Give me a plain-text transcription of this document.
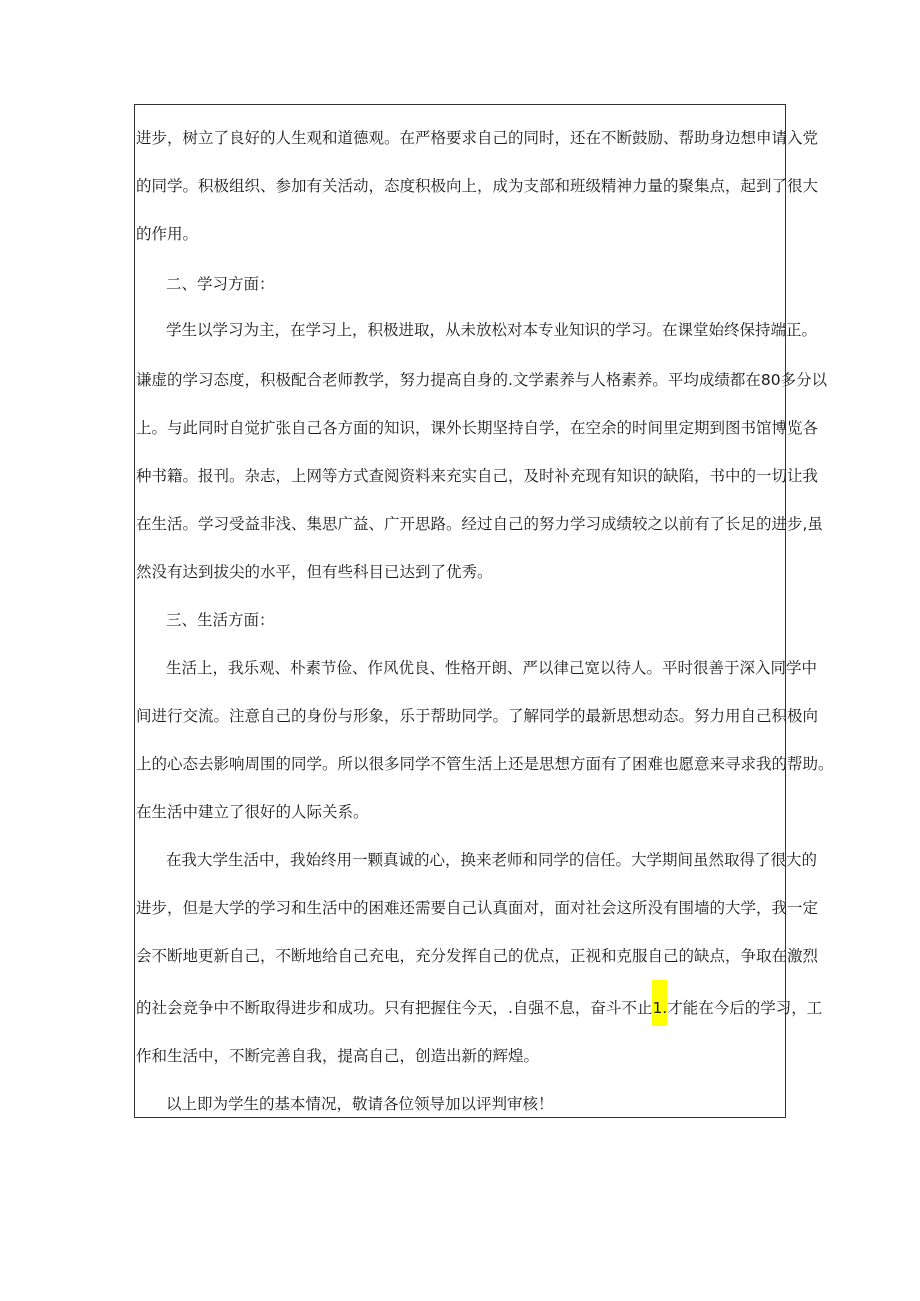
进步，树立了良好的人生观和道德观。在严格要求自己的同时，还在不断鼓励、帮助身边想申请入党
的同学。积极组织、参加有关活动，态度积极向上，成为支部和班级精神力量的聚集点，起到了很大
的作用。
二、学习方面：
学生以学习为主，在学习上，积极进取，从未放松对本专业知识的学习。在课堂始终保持端正。
谦虚的学习态度，积极配合老师教学，努力提高自身的.文学素养与人格素养。平均成绩都在80多分以
上。与此同时自觉扩张自己各方面的知识，课外长期坚持自学，在空余的时间里定期到图书馆博览各
种书籍。报刊。杂志，上网等方式查阅资料来充实自己，及时补充现有知识的缺陷，书中的一切让我
在生活。学习受益非浅、集思广益、广开思路。经过自己的努力学习成绩较之以前有了长足的进步,虽
然没有达到拔尖的水平，但有些科目已达到了优秀。
三、生活方面：
生活上，我乐观、朴素节俭、作风优良、性格开朗、严以律己宽以待人。平时很善于深入同学中
间进行交流。注意自己的身份与形象，乐于帮助同学。了解同学的最新思想动态。努力用自己积极向
上的心态去影响周围的同学。所以很多同学不管生活上还是思想方面有了困难也愿意来寻求我的帮助。
在生活中建立了很好的人际关系。
在我大学生活中，我始终用一颗真诚的心，换来老师和同学的信任。大学期间虽然取得了很大的
进步，但是大学的学习和生活中的困难还需要自己认真面对，面对社会这所没有围墙的大学，我一定
会不断地更新自己，不断地给自己充电，充分发挥自己的优点，正视和克服自己的缺点，争取在激烈
的社会竞争中不断取得进步和成功。只有把握住今天，.自强不息，奋斗不止1.才能在今后的学习，工
作和生活中，不断完善自我，提高自己，创造出新的辉煌。
以上即为学生的基本情况，敬请各位领导加以评判审核！
